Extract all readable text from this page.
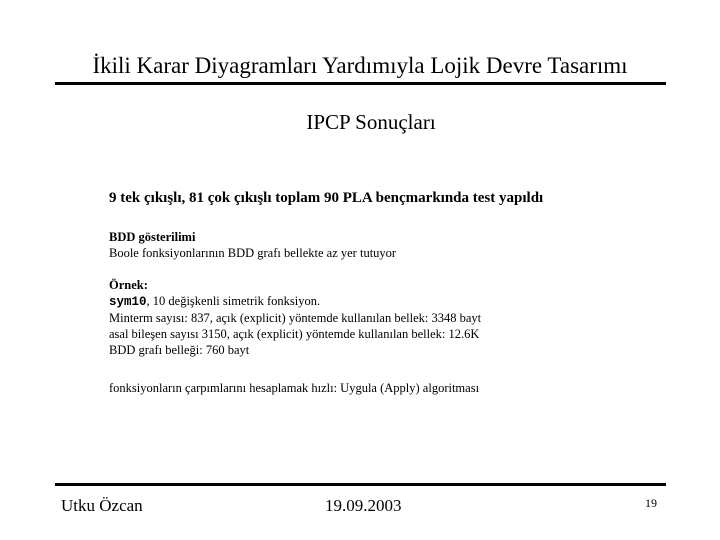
İkili Karar Diyagramları Yardımıyla Lojik Devre Tasarımı
IPCP Sonuçları
9 tek çıkışlı, 81 çok çıkışlı toplam 90 PLA bençmarkında test yapıldı
BDD gösterilimi
Boole fonksiyonlarının BDD grafı bellekte az yer tutuyor
Örnek:
sym10, 10 değişkenli simetrik fonksiyon.
Minterm sayısı: 837, açık (explicit) yöntemde kullanılan bellek: 3348 bayt
asal bileşen sayısı 3150, açık (explicit) yöntemde kullanılan bellek: 12.6K
BDD grafı belleği: 760 bayt
fonksiyonların çarpımlarını hesaplamak hızlı: Uygula (Apply) algoritması
Utku Özcan	19.09.2003	19
